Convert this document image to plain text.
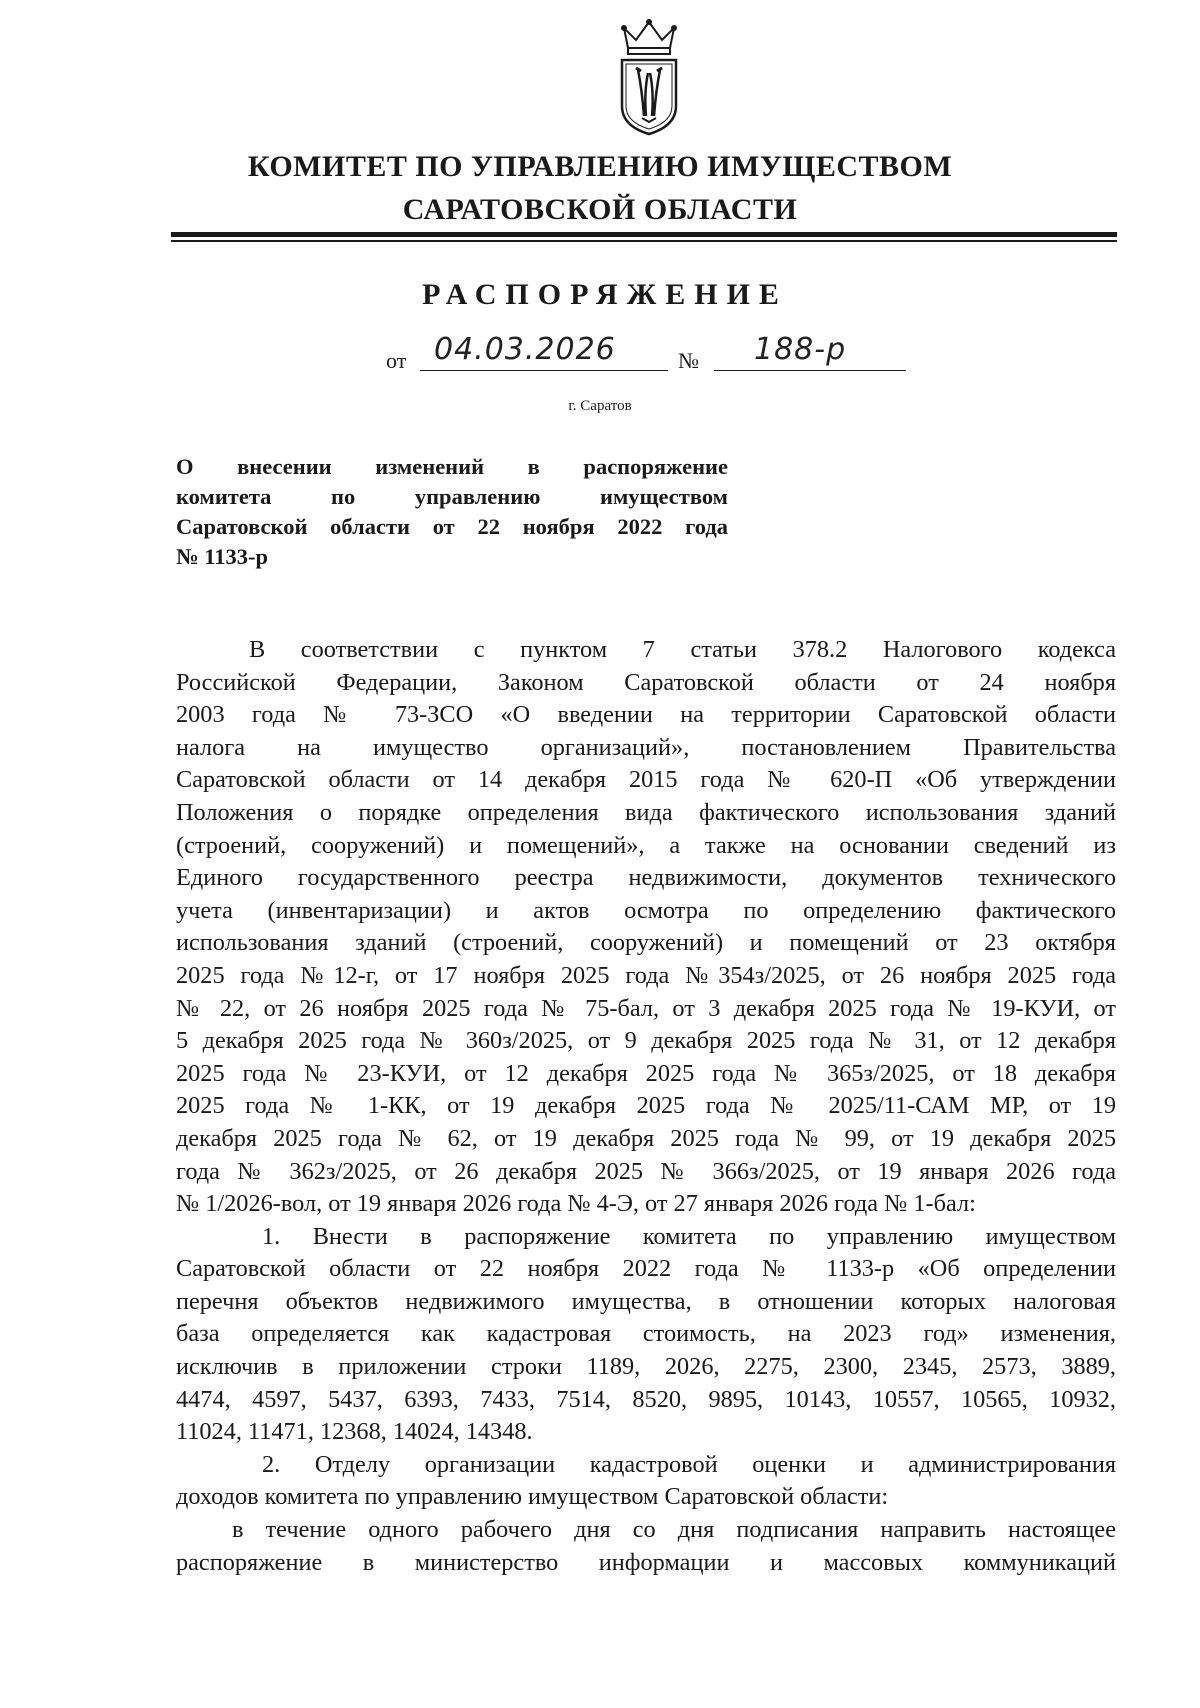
КОМИТЕТ ПО УПРАВЛЕНИЮ ИМУЩЕСТВОМ
САРАТОВСКОЙ ОБЛАСТИ
РАСПОРЯЖЕНИЕ
от 04.03.2026	№ 188-р
г. Саратов
О внесении изменений в распоряжение
комитета по управлению имуществом
Саратовской области от 22 ноября 2022 года
№ 1133-р

В соответствии с пунктом 7 статьи 378.2 Налогового кодекса
Российской Федерации, Законом Саратовской области от 24 ноября
2003 года № 73-ЗСО «О введении на территории Саратовской области
налога на имущество организаций», постановлением Правительства
Саратовской области от 14 декабря 2015 года № 620-П «Об утверждении
Положения о порядке определения вида фактического использования зданий
(строений, сооружений) и помещений», а также на основании сведений из
Единого государственного реестра недвижимости, документов технического
учета (инвентаризации) и актов осмотра по определению фактического
использования зданий (строений, сооружений) и помещений от 23 октября
2025 года №12-г, от 17 ноября 2025 года №354з/2025, от 26 ноября 2025 года
№ 22, от 26 ноября 2025 года № 75-бал, от 3 декабря 2025 года № 19-КУИ, от
5 декабря 2025 года № 360з/2025, от 9 декабря 2025 года № 31, от 12 декабря
2025 года № 23-КУИ, от 12 декабря 2025 года № 365з/2025, от 18 декабря
2025 года № 1-КК, от 19 декабря 2025 года № 2025/11-САМ МР, от 19
декабря 2025 года № 62, от 19 декабря 2025 года № 99, от 19 декабря 2025
года № 362з/2025, от 26 декабря 2025 № 366з/2025, от 19 января 2026 года
№ 1/2026-вол, от 19 января 2026 года № 4-Э, от 27 января 2026 года № 1-бал:

1. Внести в распоряжение комитета по управлению имуществом
Саратовской области от 22 ноября 2022 года № 1133-р «Об определении
перечня объектов недвижимого имущества, в отношении которых налоговая
база определяется как кадастровая стоимость, на 2023 год» изменения,
исключив в приложении строки 1189, 2026, 2275, 2300, 2345, 2573, 3889,
4474, 4597, 5437, 6393, 7433, 7514, 8520, 9895, 10143, 10557, 10565, 10932,
11024, 11471, 12368, 14024, 14348.

2. Отделу организации кадастровой оценки и администрирования
доходов комитета по управлению имуществом Саратовской области:

в течение одного рабочего дня со дня подписания направить настоящее
распоряжение в министерство информации и массовых коммуникаций
